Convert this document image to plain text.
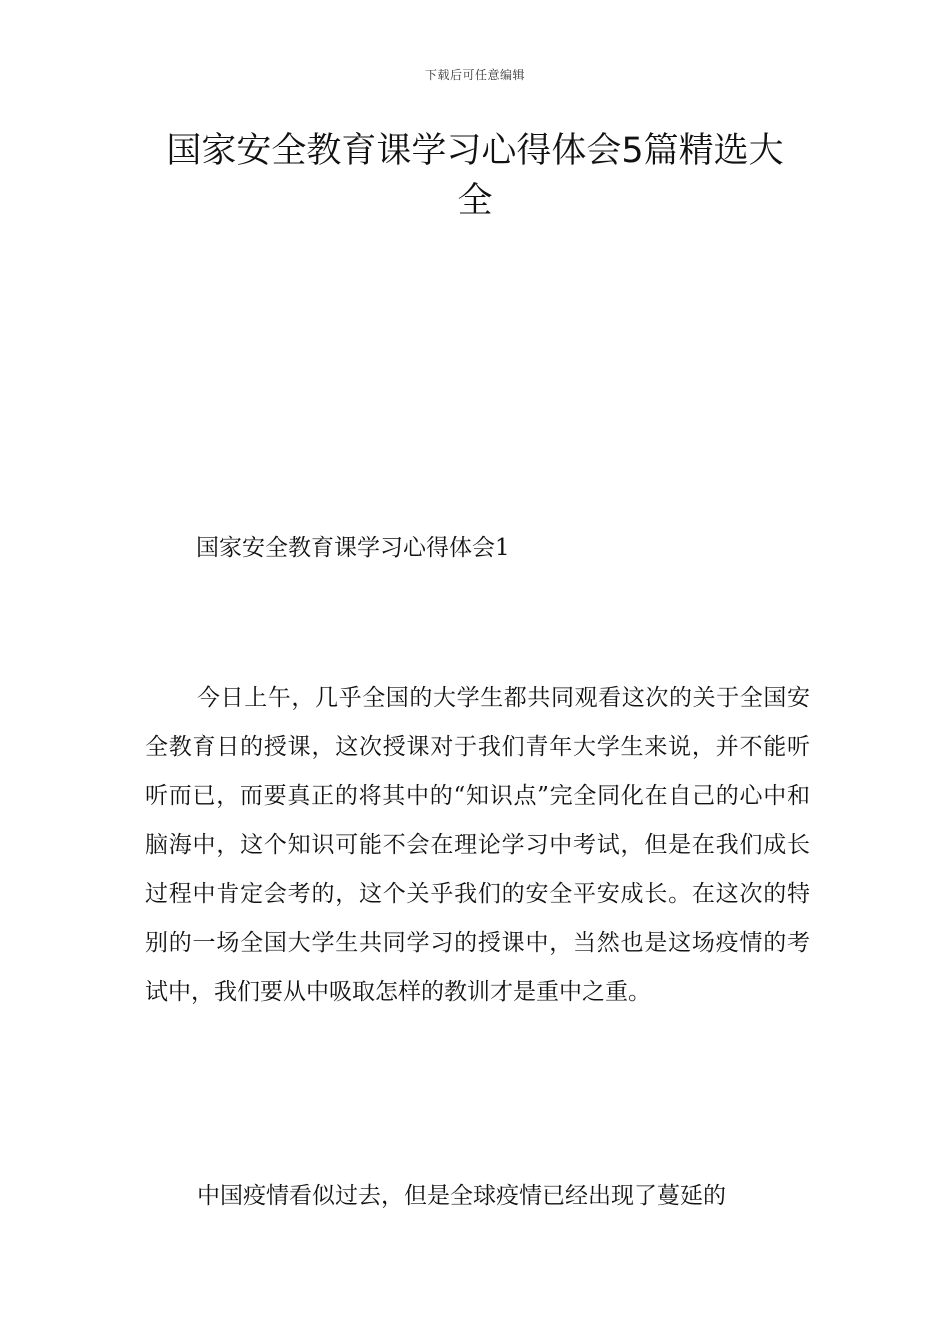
下载后可任意编辑
国家安全教育课学习心得体会5篇精选大全
国家安全教育课学习心得体会1

今日上午，几乎全国的大学生都共同观看这次的关于全国安全教育日的授课，这次授课对于我们青年大学生来说，并不能听听而已，而要真正的将其中的“知识点”完全同化在自己的心中和脑海中，这个知识可能不会在理论学习中考试，但是在我们成长过程中肯定会考的，这个关乎我们的安全平安成长。在这次的特别的一场全国大学生共同学习的授课中，当然也是这场疫情的考试中，我们要从中吸取怎样的教训才是重中之重。

中国疫情看似过去，但是全球疫情已经出现了蔓延的
